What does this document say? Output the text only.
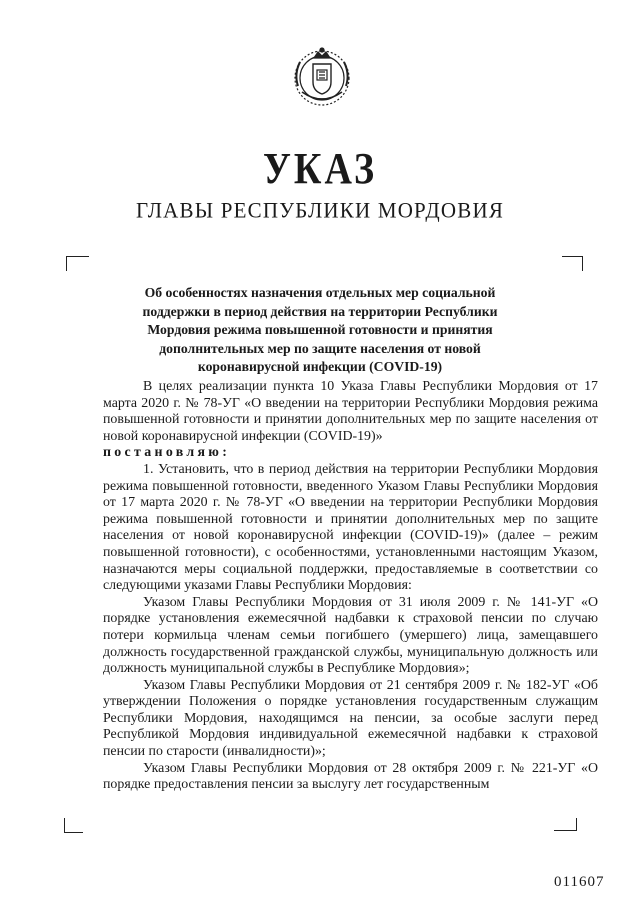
УКАЗ
ГЛАВЫ РЕСПУБЛИКИ МОРДОВИЯ
Об особенностях назначения отдельных мер социальной поддержки в период действия на территории Республики Мордовия режима повышенной готовности и принятия дополнительных мер по защите населения от новой коронавирусной инфекции (COVID-19)

В целях реализации пункта 10 Указа Главы Республики Мордовия от 17 марта 2020 г. № 78-УГ «О введении на территории Республики Мордовия режима повышенной готовности и принятии дополнительных мер по защите населения от новой коронавирусной инфекции (COVID-19)»

постановляю:

1. Установить, что в период действия на территории Республики Мордовия режима повышенной готовности, введенного Указом Главы Республики Мордовия от 17 марта 2020 г. № 78-УГ «О введении на территории Республики Мордовия режима повышенной готовности и принятии дополнительных мер по защите населения от новой коронавирусной инфекции (COVID-19)» (далее – режим повышенной готовности), с особенностями, установленными настоящим Указом, назначаются меры социальной поддержки, предоставляемые в соответствии со следующими указами Главы Республики Мордовия:

Указом Главы Республики Мордовия от 31 июля 2009 г. № 141-УГ «О порядке установления ежемесячной надбавки к страховой пенсии по случаю потери кормильца членам семьи погибшего (умершего) лица, замещавшего должность государственной гражданской службы, муниципальную должность или должность муниципальной службы в Республике Мордовия»;

Указом Главы Республики Мордовия от 21 сентября 2009 г. № 182-УГ «Об утверждении Положения о порядке установления государственным служащим Республики Мордовия, находящимся на пенсии, за особые заслуги перед Республикой Мордовия индивидуальной ежемесячной надбавки к страховой пенсии по старости (инвалидности)»;

Указом Главы Республики Мордовия от 28 октября 2009 г. № 221-УГ «О порядке предоставления пенсии за выслугу лет государственным

011607
